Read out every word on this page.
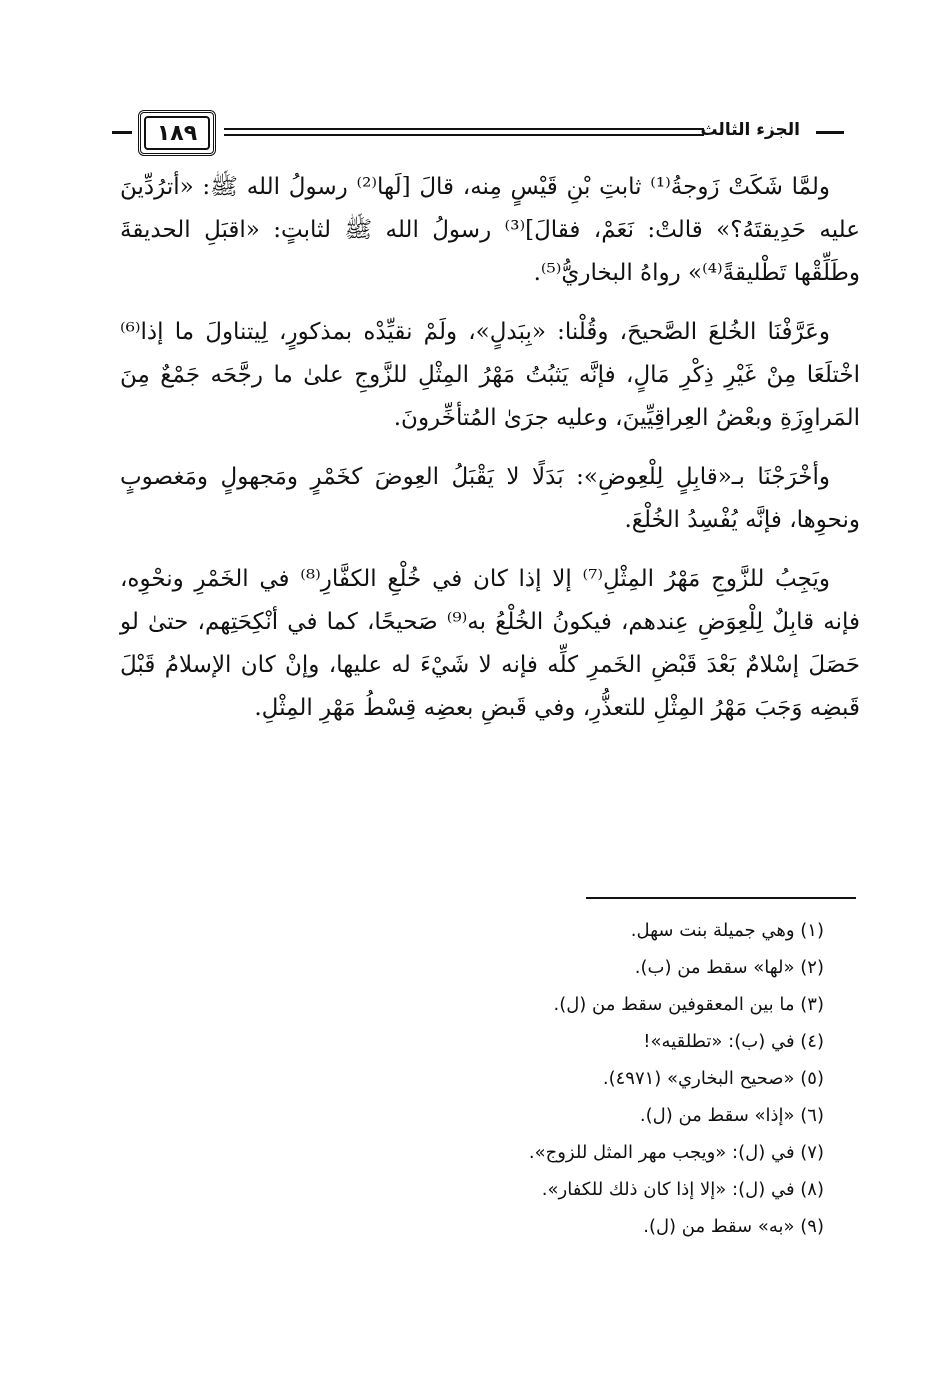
الجزء الثالث
١٨٩

ولمَّا شَكَتْ زَوجةُ⁽¹⁾ ثابتِ بْنِ قَيْسٍ مِنه، قالَ [لَها⁽²⁾ رسولُ الله ﷺ: «أترُدِّينَ عليه حَدِيقتَهُ؟» قالتْ: نَعَمْ، فقالَ]⁽³⁾ رسولُ الله ﷺ لثابتٍ: «اقبَلِ الحديقةَ وطَلِّقْها تَطْليقةً⁽⁴⁾» رواهُ البخاريُّ⁽⁵⁾.

وعَرَّفْنَا الخُلعَ الصَّحيحَ، وقُلْنا: «بِبَدلٍ»، ولَمْ نقيِّدْه بمذكورٍ، لِيتناولَ ما إذا⁽⁶⁾ اخْتلَعَا مِنْ غَيْرِ ذِكْرِ مَالٍ، فإنَّه يَثبُتُ مَهْرُ المِثْلِ للزَّوجِ علىٰ ما رجَّحَه جَمْعٌ مِنَ المَراوِزَةِ وبعْضُ العِراقِيِّينَ، وعليه جرَىٰ المُتأخِّرونَ.

وأخْرَجْنَا بـ«قابِلٍ لِلْعِوضِ»: بَدَلًا لا يَقْبَلُ العِوضَ كخَمْرٍ ومَجهولٍ ومَغصوبٍ ونحوِها، فإنَّه يُفْسِدُ الخُلْعَ.

ويَجِبُ للزَّوجِ مَهْرُ المِثْلِ⁽⁷⁾ إلا إذا كان في خُلْعِ الكفَّارِ⁽⁸⁾ في الخَمْرِ ونحْوِه، فإنه قابِلٌ لِلْعِوَضِ عِندهم، فيكونُ الخُلْعُ به⁽⁹⁾ صَحيحًا، كما في أنْكِحَتِهم، حتىٰ لو حَصَلَ إسْلامٌ بَعْدَ قَبْضِ الخَمرِ كلِّه فإنه لا شَيْءَ له عليها، وإنْ كان الإسلامُ قَبْلَ قَبضِه وَجَبَ مَهْرُ المِثْلِ للتعذُّرِ، وفي قَبضِ بعضِه قِسْطُ مَهْرِ المِثْلِ.

(١) وهي جميلة بنت سهل.
(٢) «لها» سقط من (ب).
(٣) ما بين المعقوفين سقط من (ل).
(٤) في (ب): «تطلقيه»!
(٥) «صحيح البخاري» (٤٩٧١).
(٦) «إذا» سقط من (ل).
(٧) في (ل): «ويجب مهر المثل للزوج».
(٨) في (ل): «إلا إذا كان ذلك للكفار».
(٩) «به» سقط من (ل).
